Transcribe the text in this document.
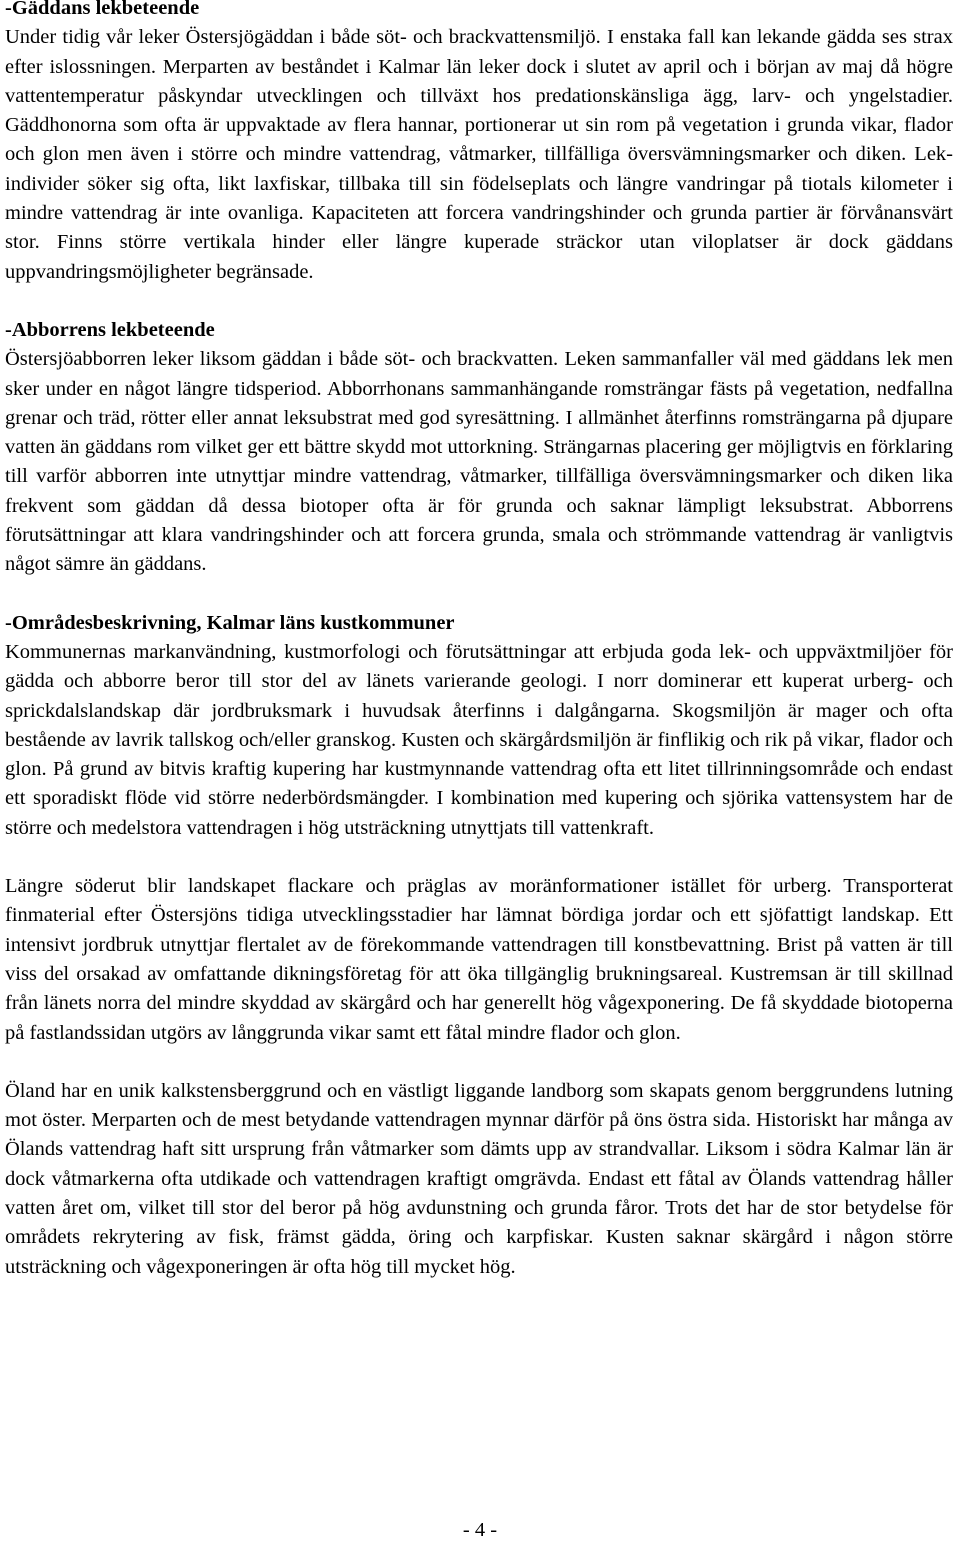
-Gäddans lekbeteende

Under tidig vår leker Östersjögäddan i både söt- och brackvattensmiljö. I enstaka fall kan lekande gädda ses strax efter islossningen. Merparten av beståndet i Kalmar län leker dock i slutet av april och i början av maj då högre vattentemperatur påskyndar utvecklingen och tillväxt hos predationskänsliga ägg, larv- och yngelstadier. Gäddhonorna som ofta är uppvaktade av flera hannar, portionerar ut sin rom på vegetation i grunda vikar, flador och glon men även i större och mindre vattendrag, våtmarker, tillfälliga översvämningsmarker och diken. Lekindivider söker sig ofta, likt laxfiskar, tillbaka till sin födelseplats och längre vandringar på tiotals kilometer i mindre vattendrag är inte ovanliga. Kapaciteten att forcera vandringshinder och grunda partier är förvånansvärt stor. Finns större vertikala hinder eller längre kuperade sträckor utan viloplatser är dock gäddans uppvandringsmöjligheter begränsade.

-Abborrens lekbeteende

Östersjöabborren leker liksom gäddan i både söt- och brackvatten. Leken sammanfaller väl med gäddans lek men sker under en något längre tidsperiod. Abborrhonans sammanhängande romsträngar fästs på vegetation, nedfallna grenar och träd, rötter eller annat leksubstrat med god syresättning. I allmänhet återfinns romsträngarna på djupare vatten än gäddans rom vilket ger ett bättre skydd mot uttorkning. Strängarnas placering ger möjligtvis en förklaring till varför abborren inte utnyttjar mindre vattendrag, våtmarker, tillfälliga översvämningsmarker och diken lika frekvent som gäddan då dessa biotoper ofta är för grunda och saknar lämpligt leksubstrat. Abborrens förutsättningar att klara vandringshinder och att forcera grunda, smala och strömmande vattendrag är vanligtvis något sämre än gäddans.

-Områdesbeskrivning, Kalmar läns kustkommuner

Kommunernas markanvändning, kustmorfologi och förutsättningar att erbjuda goda lek- och uppväxtmiljöer för gädda och abborre beror till stor del av länets varierande geologi. I norr dominerar ett kuperat urberg- och sprickdalslandskap där jordbruksmark i huvudsak återfinns i dalgångarna. Skogsmiljön är mager och ofta bestående av lavrik tallskog och/eller granskog. Kusten och skärgårdsmiljön är finflikig och rik på vikar, flador och glon. På grund av bitvis kraftig kupering har kustmynnande vattendrag ofta ett litet tillrinningsområde och endast ett sporadiskt flöde vid större nederbördsmängder. I kombination med kupering och sjörika vattensystem har de större och medelstora vattendragen i hög utsträckning utnyttjats till vattenkraft.

Längre söderut blir landskapet flackare och präglas av moränformationer istället för urberg. Transporterat finmaterial efter Östersjöns tidiga utvecklingsstadier har lämnat bördiga jordar och ett sjöfattigt landskap. Ett intensivt jordbruk utnyttjar flertalet av de förekommande vattendragen till konstbevattning. Brist på vatten är till viss del orsakad av omfattande dikningsföretag för att öka tillgänglig brukningsareal. Kustremsan är till skillnad från länets norra del mindre skyddad av skärgård och har generellt hög vågexponering. De få skyddade biotoperna på fastlandssidan utgörs av långgrunda vikar samt ett fåtal mindre flador och glon.

Öland har en unik kalkstensberggrund och en västligt liggande landborg som skapats genom berggrundens lutning mot öster. Merparten och de mest betydande vattendragen mynnar därför på öns östra sida. Historiskt har många av Ölands vattendrag haft sitt ursprung från våtmarker som dämts upp av strandvallar. Liksom i södra Kalmar län är dock våtmarkerna ofta utdikade och vattendragen kraftigt omgrävda. Endast ett fåtal av Ölands vattendrag håller vatten året om, vilket till stor del beror på hög avdunstning och grunda fåror. Trots det har de stor betydelse för områdets rekrytering av fisk, främst gädda, öring och karpfiskar. Kusten saknar skärgård i någon större utsträckning och vågexponeringen är ofta hög till mycket hög.

- 4 -
